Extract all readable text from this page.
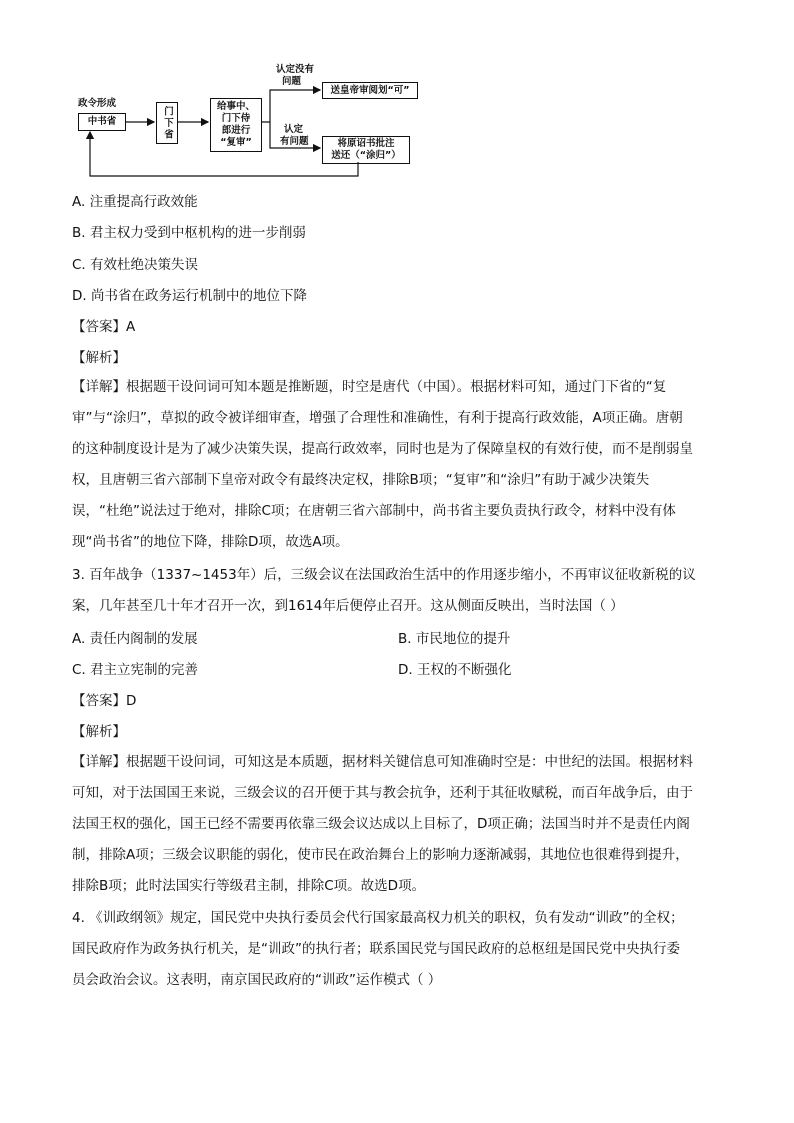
政令形成
中书省	门下省	给事中、
门下侍
郎进行
“复审”
认定没有
问题
送皇帝审阅划“可”
认定
有问题	将原诏书批注
送还（“涂归”）
A. 注重提高行政效能
B. 君主权力受到中枢机构的进一步削弱
C. 有效杜绝决策失误
D. 尚书省在政务运行机制中的地位下降
【答案】A
【解析】
【详解】根据题干设问词可知本题是推断题，时空是唐代（中国）。根据材料可知，通过门下省的“复
审”与“涂归”，草拟的政令被详细审查，增强了合理性和准确性，有利于提高行政效能，A项正确。唐朝
的这种制度设计是为了减少决策失误，提高行政效率，同时也是为了保障皇权的有效行使，而不是削弱皇
权，且唐朝三省六部制下皇帝对政令有最终决定权，排除B项；“复审”和“涂归”有助于减少决策失
误，“杜绝”说法过于绝对，排除C项；在唐朝三省六部制中，尚书省主要负责执行政令，材料中没有体
现“尚书省”的地位下降，排除D项，故选A项。
3. 百年战争（1337~1453年）后，三级会议在法国政治生活中的作用逐步缩小，不再审议征收新税的议
案，几年甚至几十年才召开一次，到1614年后便停止召开。这从侧面反映出，当时法国（ ）
A. 责任内阁制的发展	B. 市民地位的提升
C. 君主立宪制的完善	D. 王权的不断强化
【答案】D
【解析】
【详解】根据题干设问词，可知这是本质题，据材料关键信息可知准确时空是：中世纪的法国。根据材料
可知，对于法国国王来说，三级会议的召开便于其与教会抗争，还利于其征收赋税，而百年战争后，由于
法国王权的强化，国王已经不需要再依靠三级会议达成以上目标了，D项正确；法国当时并不是责任内阁
制，排除A项；三级会议职能的弱化，使市民在政治舞台上的影响力逐渐减弱，其地位也很难得到提升，
排除B项；此时法国实行等级君主制，排除C项。故选D项。
4. 《训政纲领》规定，国民党中央执行委员会代行国家最高权力机关的职权，负有发动“训政”的全权；
国民政府作为政务执行机关，是“训政”的执行者；联系国民党与国民政府的总枢纽是国民党中央执行委
员会政治会议。这表明，南京国民政府的“训政”运作模式（ ）
